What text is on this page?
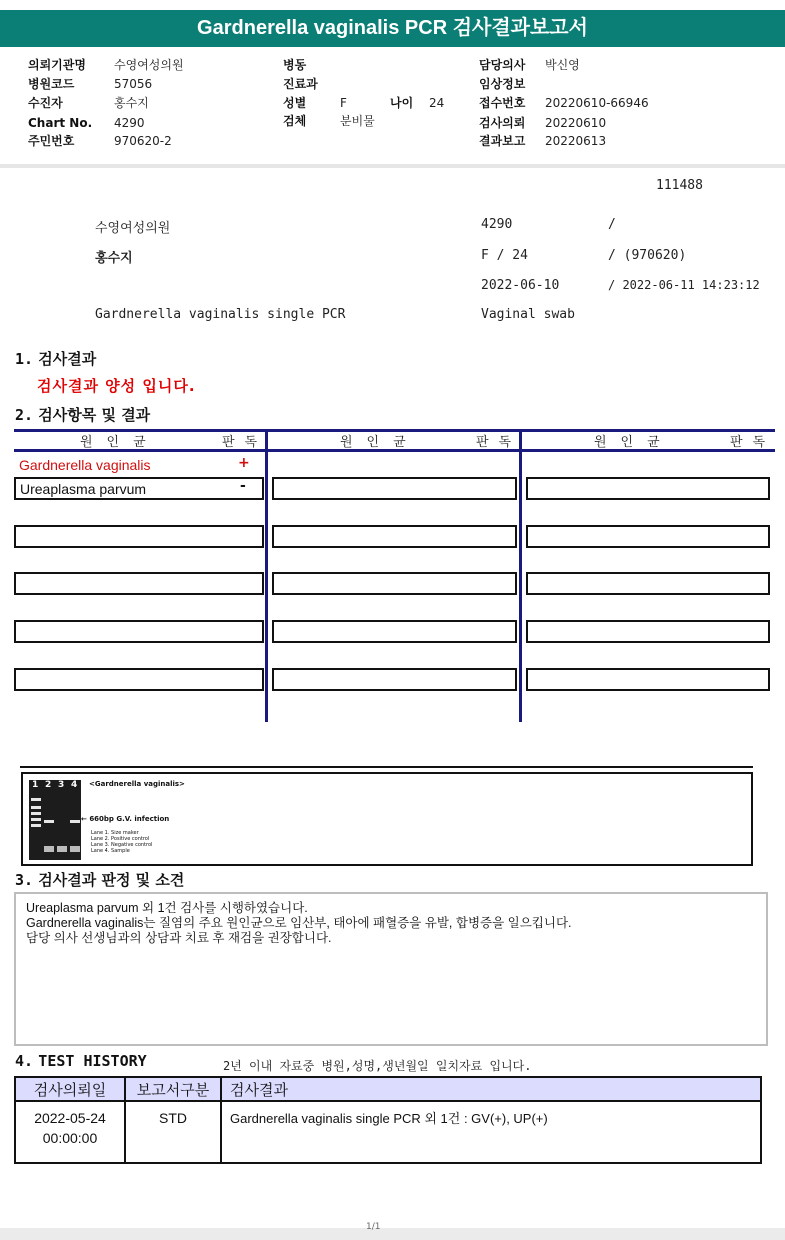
Gardnerella vaginalis PCR 검사결과보고서
의뢰기관명 수영여성의원
병원코드	57056
수진자	홍수지
Chart No. 4290
주민번호	970620-2
병동
진료과
성별	F	나이 24
검체	분비물
담당의사 박신영
임상정보
접수번호 20220610-66946
검사의뢰 20220610
결과보고 20220613
111488
수영여성의원	4290	/
홍수지	F / 24	/ (970620)
2022-06-10	/ 2022-06-11 14:23:12
Gardnerella vaginalis single PCR	Vaginal swab
1. 검사결과
검사결과 양성 입니다.
2. 검사항목 및 결과
원인균	판독	원인균	판독	원인균	판독
Gardnerella vaginalis	+
Ureaplasma parvum	-
1 2 3 4 <Gardnerella vaginalis>
← 660bp G.V. infection
Lane 1. Size maker
Lane 2. Positive control
Lane 3. Negative control
Lane 4. Sample
3. 검사결과 판정 및 소견
Ureaplasma parvum 외 1건 검사를 시행하였습니다.
Gardnerella vaginalis는 질염의 주요 원인균으로 임산부, 태아에 패혈증을 유발, 합병증을 일으킵니다.
담당 의사 선생님과의 상담과 치료 후 재검을 권장합니다.
4. TEST HISTORY	2년 이내 자료중 병원,성명,생년월일 일치자료 입니다.
검사의뢰일	보고서구분	검사결과

2022-05-24
00:00:00	STD	Gardnerella vaginalis single PCR 외 1건 : GV(+), UP(+)
1/1
